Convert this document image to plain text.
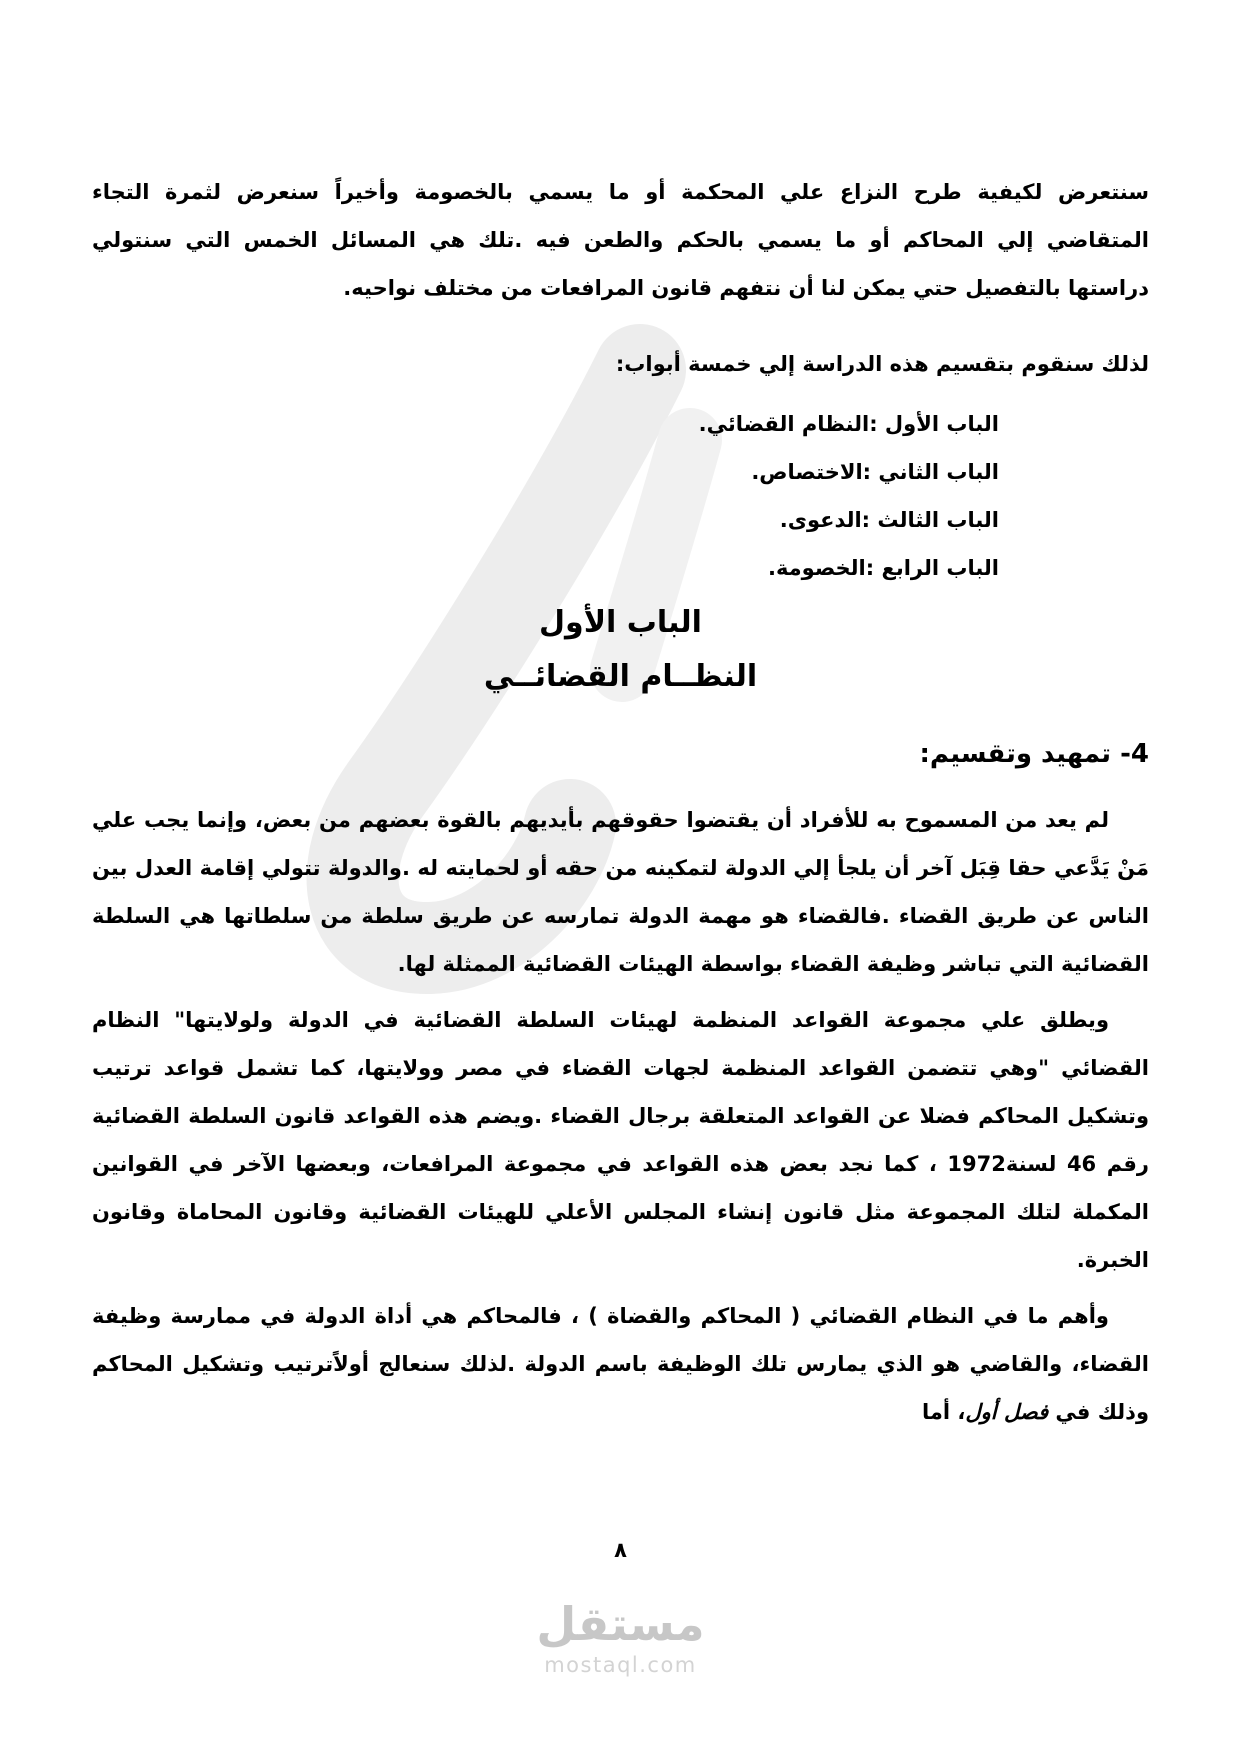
سنتعرض لكيفية طرح النزاع علي المحكمة أو ما يسمي بالخصومة وأخيراً سنعرض لثمرة التجاء المتقاضي إلي المحاكم أو ما يسمي بالحكم والطعن فيه .تلك هي المسائل الخمس التي سنتولي دراستها بالتفصيل حتي يمكن لنا أن نتفهم قانون المرافعات من مختلف نواحيه.

لذلك سنقوم بتقسيم هذه الدراسة إلي خمسة أبواب:

الباب الأول :النظام القضائي.

الباب الثاني :الاختصاص.

الباب الثالث :الدعوى.

الباب الرابع :الخصومة.

الباب الأول
النظــام القضائــي
4- تمهيد وتقسيم:

لم يعد من المسموح به للأفراد أن يقتضوا حقوقهم بأيديهم بالقوة بعضهم من بعض، وإنما يجب علي مَنْ يَدَّعي حقا قِبَل آخر أن يلجأ إلي الدولة لتمكينه من حقه أو لحمايته له .والدولة تتولي إقامة العدل بين الناس عن طريق القضاء .فالقضاء هو مهمة الدولة تمارسه عن طريق سلطة من سلطاتها هي السلطة القضائية التي تباشر وظيفة القضاء بواسطة الهيئات القضائية الممثلة لها.

ويطلق علي مجموعة القواعد المنظمة لهيئات السلطة القضائية في الدولة ولولايتها" النظام القضائي "وهي تتضمن القواعد المنظمة لجهات القضاء في مصر وولايتها، كما تشمل قواعد ترتيب وتشكيل المحاكم فضلا عن القواعد المتعلقة برجال القضاء .ويضم هذه القواعد قانون السلطة القضائية رقم 46 لسنة1972 ، كما نجد بعض هذه القواعد في مجموعة المرافعات، وبعضها الآخر في القوانين المكملة لتلك المجموعة مثل قانون إنشاء المجلس الأعلي للهيئات القضائية وقانون المحاماة وقانون الخبرة.

وأهم ما في النظام القضائي ( المحاكم والقضاة ) ، فالمحاكم هي أداة الدولة في ممارسة وظيفة القضاء، والقاضي هو الذي يمارس تلك الوظيفة باسم الدولة .لذلك سنعالج أولاًترتيب وتشكيل المحاكم وذلك في فصل أول، أما

٨
مستقل
mostaql.com
